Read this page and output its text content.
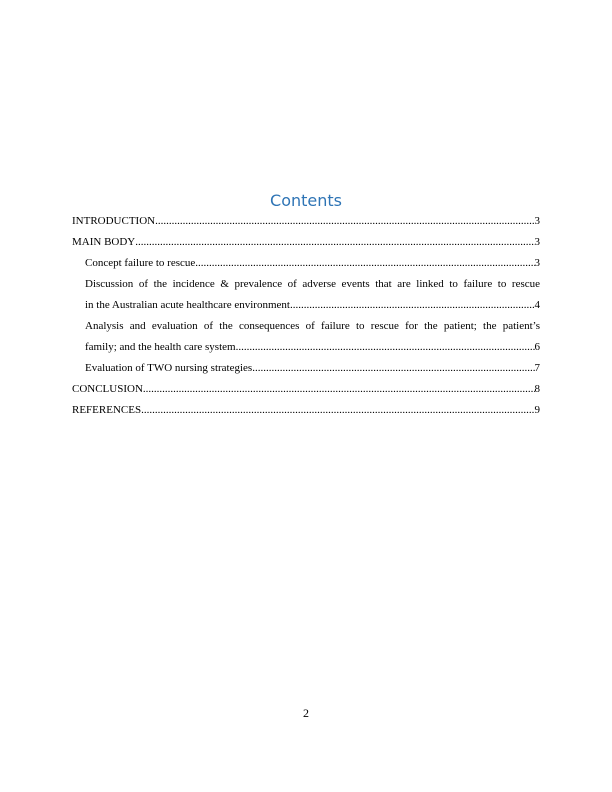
Contents
INTRODUCTION .....	3
MAIN BODY .....	3
Concept failure to rescue .....	3
Discussion of the incidence & prevalence of adverse events that are linked to failure to rescue
in the Australian acute healthcare environment .....	4
Analysis and evaluation of the consequences of failure to rescue for the patient; the patient’s
family; and the health care system .....	6
Evaluation of TWO nursing strategies .....	7
CONCLUSION .....	8
REFERENCES .....	9
2
